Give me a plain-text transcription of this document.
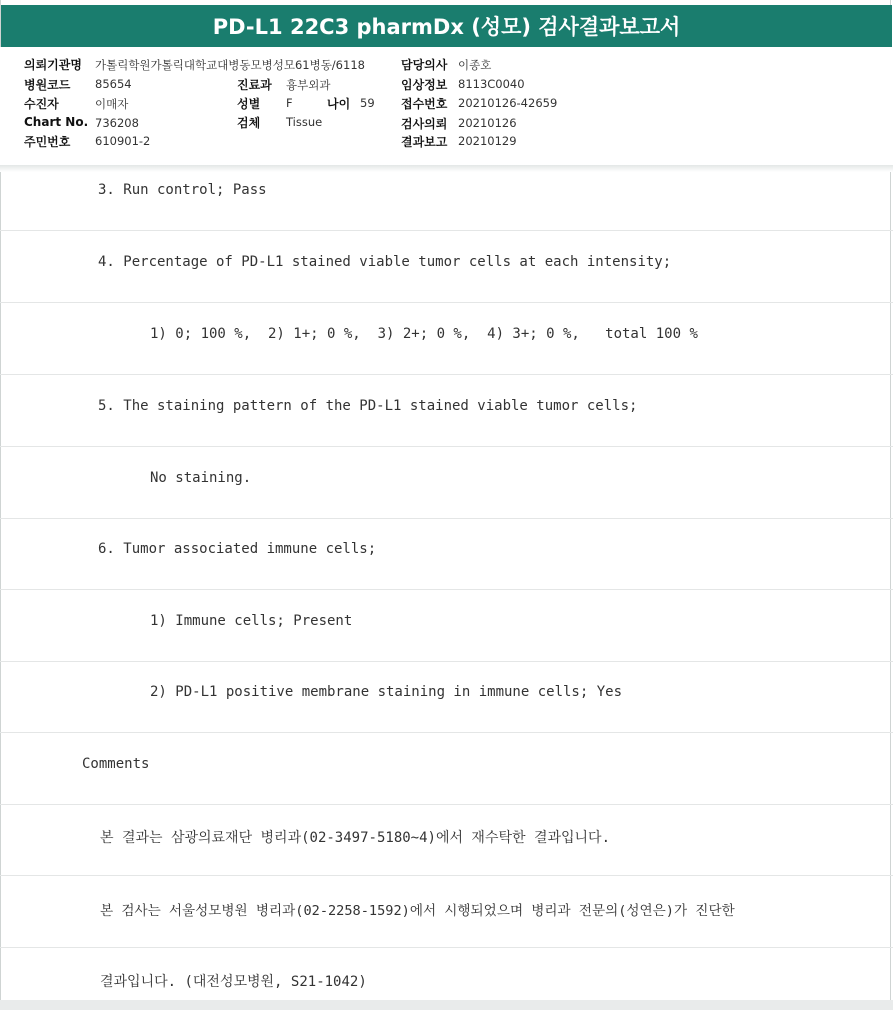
PD-L1 22C3 pharmDx (성모) 검사결과보고서
의뢰기관명 가톨릭학원가톨릭대학교대병동모병성모61병동/6118
병원코드 85654
수진자	이매자
Chart No. 736208
주민번호 610901-2
진료과 흉부외과
성별 F	나이 59
검체 Tissue
담당의사 이종호
임상정보 8113C0040
접수번호 20210126-42659
검사의뢰 20210126
결과보고 20210129
3. Run control; Pass
4. Percentage of PD-L1 stained viable tumor cells at each intensity;
1) 0; 100 %,  2) 1+; 0 %,  3) 2+; 0 %,  4) 3+; 0 %,   total 100 %
5. The staining pattern of the PD-L1 stained viable tumor cells;
No staining.
6. Tumor associated immune cells;
1) Immune cells; Present
2) PD-L1 positive membrane staining in immune cells; Yes
Comments
본 결과는 삼광의료재단 병리과(02-3497-5180~4)에서 재수탁한 결과입니다.
본 검사는 서울성모병원 병리과(02-2258-1592)에서 시행되었으며 병리과 전문의(성연은)가 진단한
결과입니다. (대전성모병원, S21-1042)
